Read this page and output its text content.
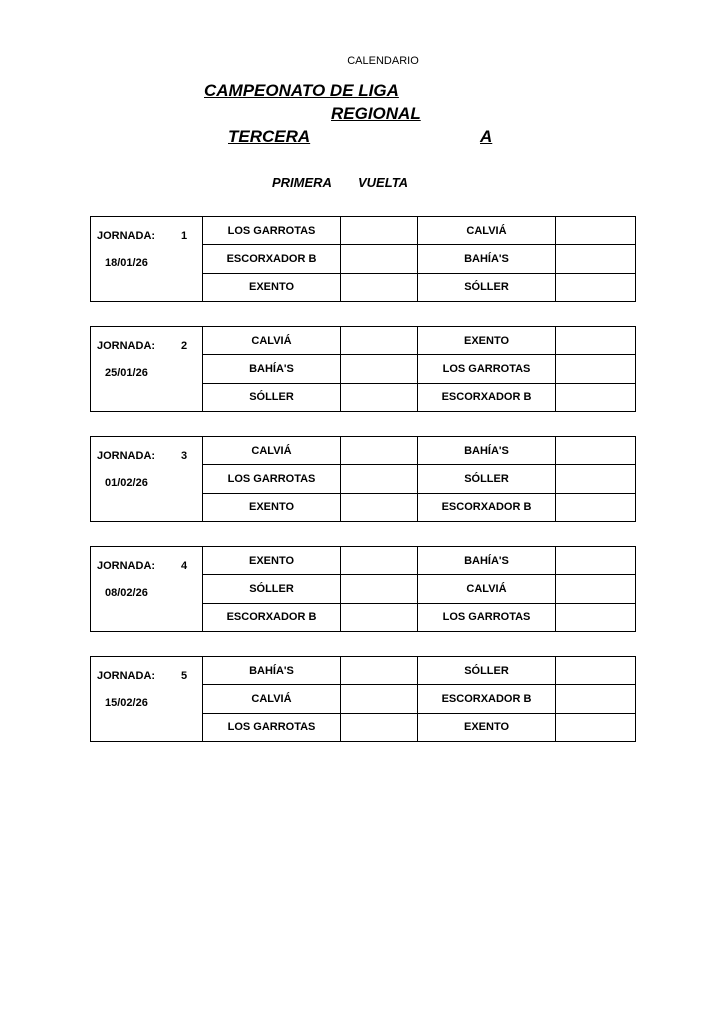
CALENDARIO
CAMPEONATO DE LIGA
REGIONAL
TERCERA	A
PRIMERA VUELTA
JORNADA: 1
18/01/26	LOS GARROTAS		CALVIÁ	
	ESCORXADOR B		BAHÍA'S	
	EXENTO		SÓLLER	
JORNADA: 2
25/01/26	CALVIÁ		EXENTO	
	BAHÍA'S		LOS GARROTAS	
	SÓLLER		ESCORXADOR B	
JORNADA: 3
01/02/26	CALVIÁ		BAHÍA'S	
	LOS GARROTAS		SÓLLER	
	EXENTO		ESCORXADOR B	
JORNADA: 4
08/02/26	EXENTO		BAHÍA'S	
	SÓLLER		CALVIÁ	
	ESCORXADOR B		LOS GARROTAS	
JORNADA: 5
15/02/26	BAHÍA'S		SÓLLER	
	CALVIÁ		ESCORXADOR B	
	LOS GARROTAS		EXENTO	
